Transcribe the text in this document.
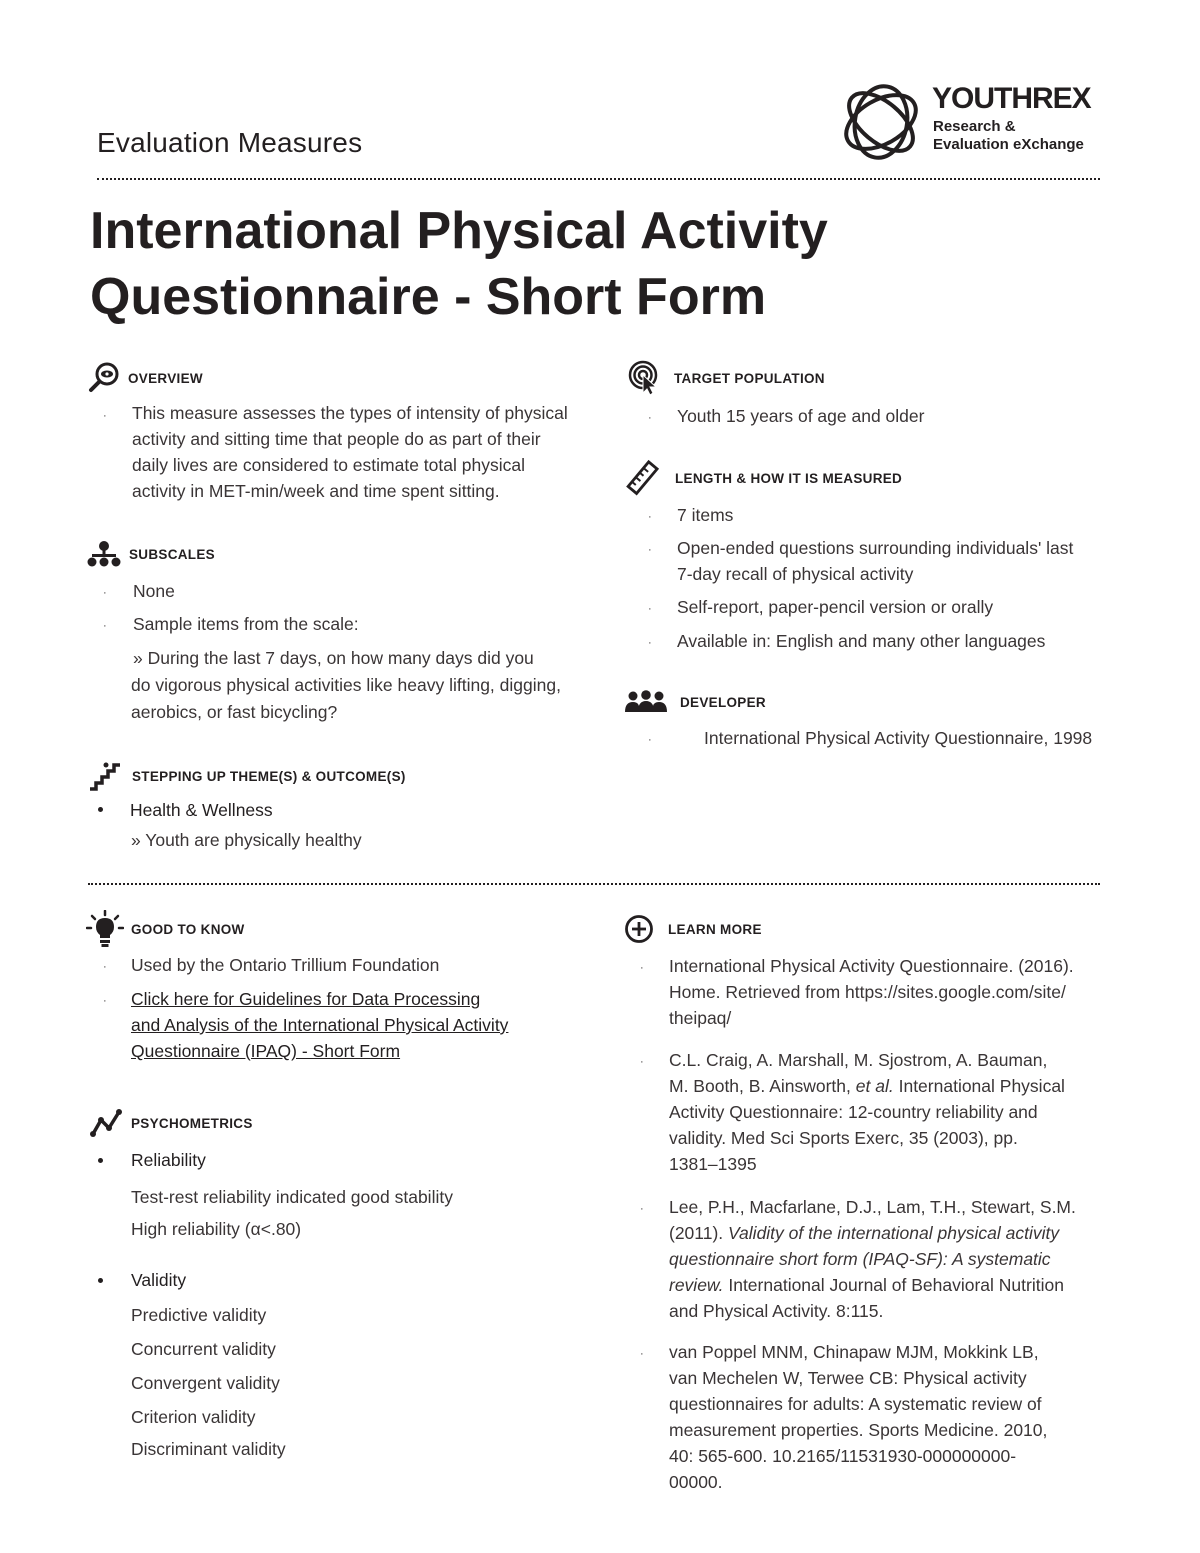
Evaluation Measures
YOUTHREX
Research &
Evaluation eXchange
International Physical Activity
Questionnaire - Short Form
OVERVIEW
· This measure assesses the types of intensity of physical
activity and sitting time that people do as part of their
daily lives are considered to estimate total physical
activity in MET-min/week and time spent sitting.
SUBSCALES
· None
· Sample items from the scale:
» During the last 7 days, on how many days did you
do vigorous physical activities like heavy lifting, digging,
aerobics, or fast bicycling?
STEPPING UP THEME(S) & OUTCOME(S)
Health & Wellness
» Youth are physically healthy
TARGET POPULATION
· Youth 15 years of age and older
LENGTH & HOW IT IS MEASURED
· 7 items
· Open-ended questions surrounding individuals' last
7-day recall of physical activity
· Self-report, paper-pencil version or orally
· Available in: English and many other languages
DEVELOPER
·	International Physical Activity Questionnaire, 1998
GOOD TO KNOW
· Used by the Ontario Trillium Foundation
· Click here for Guidelines for Data Processing
and Analysis of the International Physical Activity
Questionnaire (IPAQ) - Short Form
PSYCHOMETRICS
Reliability
Test-rest reliability indicated good stability
High reliability (α<.80)
Validity
Predictive validity
Concurrent validity
Convergent validity
Criterion validity
Discriminant validity
LEARN MORE
· International Physical Activity Questionnaire. (2016).
Home. Retrieved from https://sites.google.com/site/
theipaq/
· C.L. Craig, A. Marshall, M. Sjostrom, A. Bauman,
M. Booth, B. Ainsworth, et al. International Physical
Activity Questionnaire: 12-country reliability and
validity. Med Sci Sports Exerc, 35 (2003), pp.
1381–1395
· Lee, P.H., Macfarlane, D.J., Lam, T.H., Stewart, S.M.
(2011). Validity of the international physical activity
questionnaire short form (IPAQ-SF): A systematic
review. International Journal of Behavioral Nutrition
and Physical Activity. 8:115.
· van Poppel MNM, Chinapaw MJM, Mokkink LB,
van Mechelen W, Terwee CB: Physical activity
questionnaires for adults: A systematic review of
measurement properties. Sports Medicine. 2010,
40: 565-600. 10.2165/11531930-000000000-
00000.
